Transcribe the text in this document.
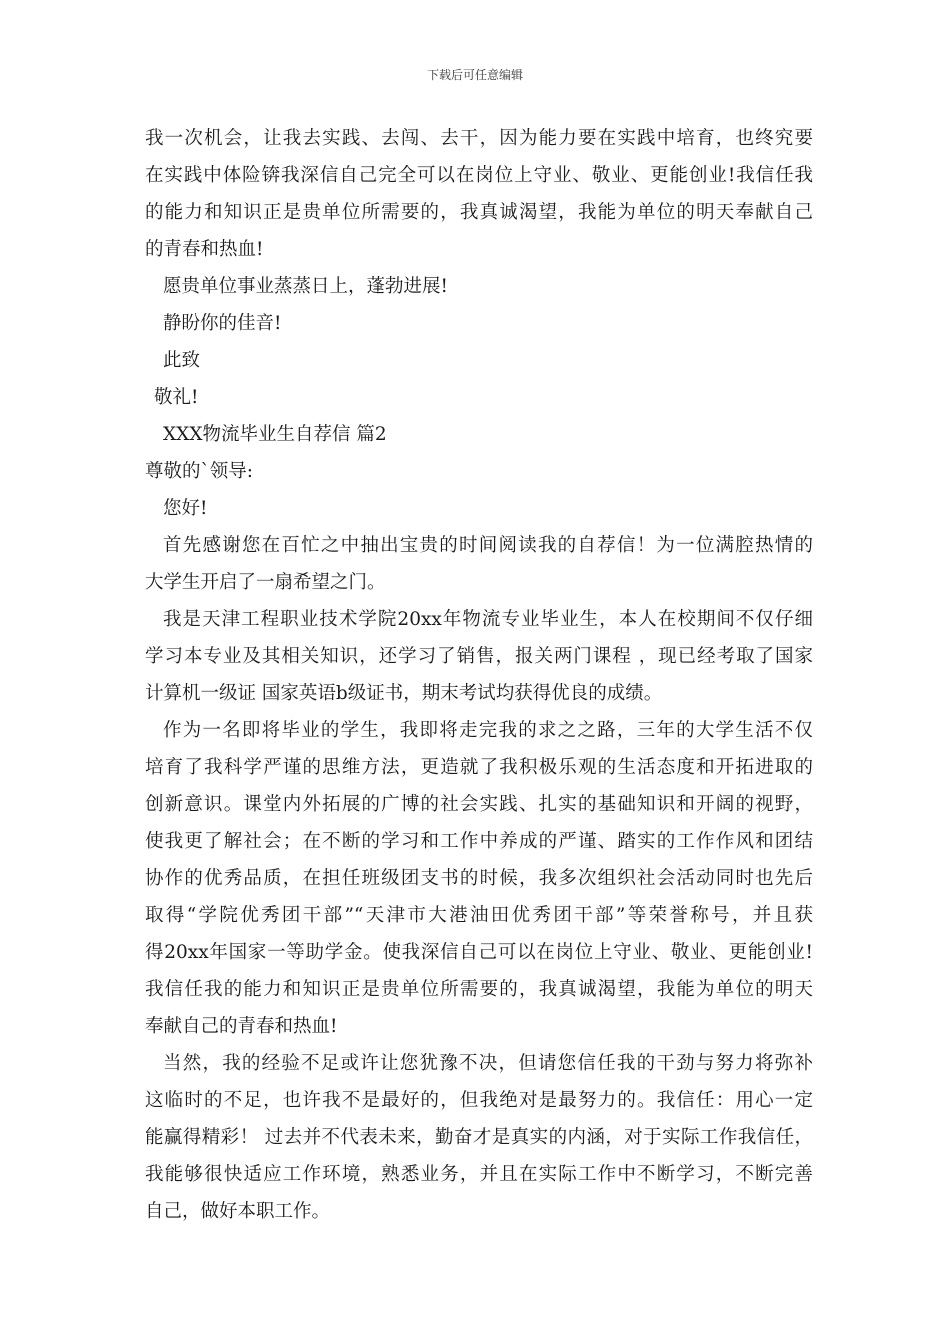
下载后可任意编辑
我一次机会，让我去实践、去闯、去干，因为能力要在实践中培育，也终究要
在实践中体险锛我深信自己完全可以在岗位上守业、敬业、更能创业!我信任我
的能力和知识正是贵单位所需要的，我真诚渴望，我能为单位的明天奉献自己
的青春和热血!
愿贵单位事业蒸蒸日上，蓬勃进展!
静盼你的佳音!
此致
敬礼!
XXX物流毕业生自荐信 篇2
尊敬的`领导:
您好!
首先感谢您在百忙之中抽出宝贵的时间阅读我的自荐信！为一位满腔热情的
大学生开启了一扇希望之门。
我是天津工程职业技术学院20xx年物流专业毕业生，本人在校期间不仅仔细
学习本专业及其相关知识，还学习了销售，报关两门课程 ，现已经考取了国家
计算机一级证 国家英语b级证书，期末考试均获得优良的成绩。
作为一名即将毕业的学生，我即将走完我的求之之路，三年的大学生活不仅
培育了我科学严谨的思维方法，更造就了我积极乐观的生活态度和开拓进取的
创新意识。课堂内外拓展的广博的社会实践、扎实的基础知识和开阔的视野，
使我更了解社会；在不断的学习和工作中养成的严谨、踏实的工作作风和团结
协作的优秀品质，在担任班级团支书的时候，我多次组织社会活动同时也先后
取得“学院优秀团干部”“天津市大港油田优秀团干部”等荣誉称号，并且获
得20xx年国家一等助学金。使我深信自己可以在岗位上守业、敬业、更能创业!
我信任我的能力和知识正是贵单位所需要的，我真诚渴望，我能为单位的明天
奉献自己的青春和热血!
当然，我的经验不足或许让您犹豫不决，但请您信任我的干劲与努力将弥补
这临时的不足，也许我不是最好的，但我绝对是最努力的。我信任：用心一定
能赢得精彩！ 过去并不代表未来，勤奋才是真实的内涵，对于实际工作我信任，
我能够很快适应工作环境，熟悉业务，并且在实际工作中不断学习，不断完善
自己，做好本职工作。
